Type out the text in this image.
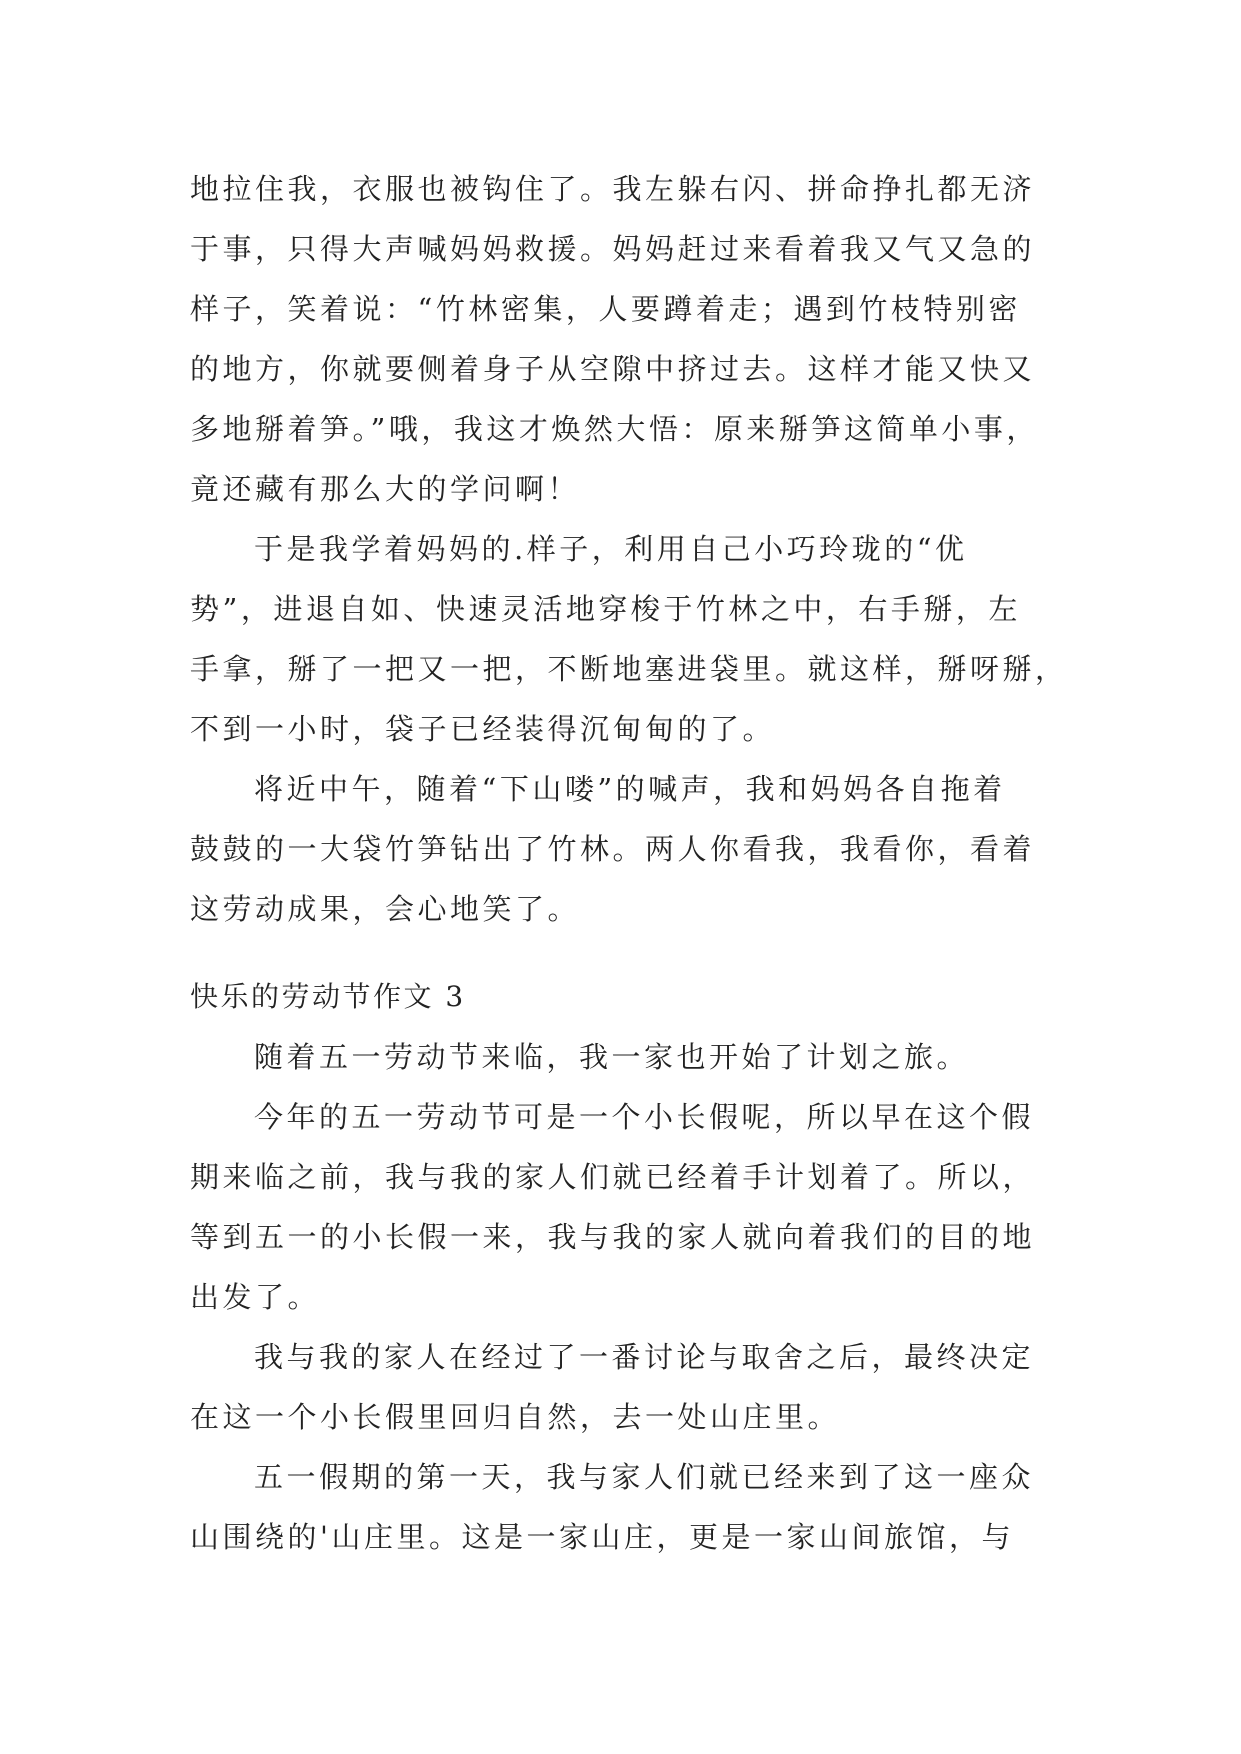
地拉住我，衣服也被钩住了。我左躲右闪、拼命挣扎都无济
于事，只得大声喊妈妈救援。妈妈赶过来看着我又气又急的
样子，笑着说：“竹林密集，人要蹲着走；遇到竹枝特别密
的地方，你就要侧着身子从空隙中挤过去。这样才能又快又
多地掰着笋。”哦，我这才焕然大悟：原来掰笋这简单小事，
竟还藏有那么大的学问啊！
于是我学着妈妈的.样子，利用自己小巧玲珑的“优
势”，进退自如、快速灵活地穿梭于竹林之中，右手掰，左
手拿，掰了一把又一把，不断地塞进袋里。就这样，掰呀掰，
不到一小时，袋子已经装得沉甸甸的了。
将近中午，随着“下山喽”的喊声，我和妈妈各自拖着
鼓鼓的一大袋竹笋钻出了竹林。两人你看我，我看你，看着
这劳动成果，会心地笑了。
快乐的劳动节作文 3
随着五一劳动节来临，我一家也开始了计划之旅。
今年的五一劳动节可是一个小长假呢，所以早在这个假
期来临之前，我与我的家人们就已经着手计划着了。所以，
等到五一的小长假一来，我与我的家人就向着我们的目的地
出发了。
我与我的家人在经过了一番讨论与取舍之后，最终决定
在这一个小长假里回归自然，去一处山庄里。
五一假期的第一天，我与家人们就已经来到了这一座众
山围绕的'山庄里。这是一家山庄，更是一家山间旅馆，与
